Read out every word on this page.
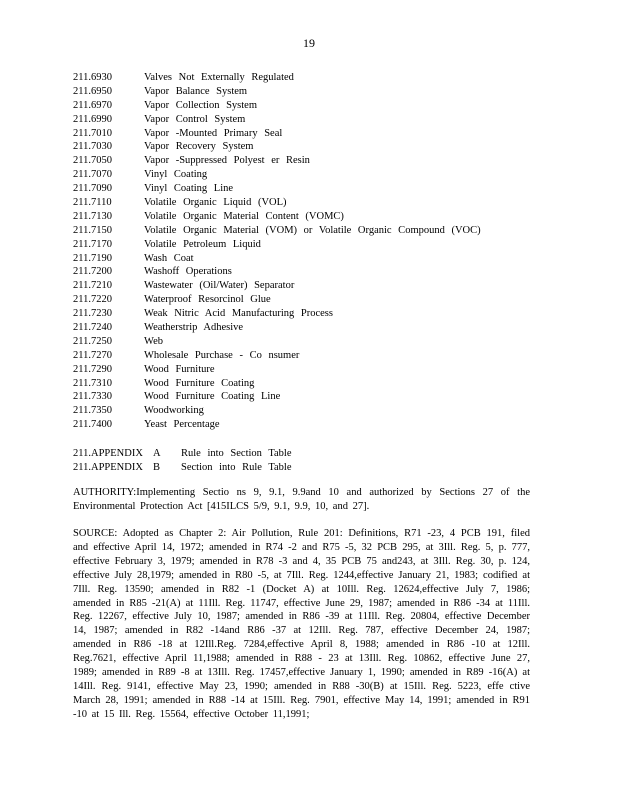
19
211.6930	Valves Not Externally Regulated
211.6950	Vapor Balance System
211.6970	Vapor Collection System
211.6990	Vapor Control System
211.7010	Vapor -Mounted Primary Seal
211.7030	Vapor Recovery System
211.7050	Vapor -Suppressed Polyest er Resin
211.7070	Vinyl Coating
211.7090	Vinyl Coating Line
211.7110	Volatile Organic Liquid (VOL)
211.7130	Volatile Organic Material Content (VOMC)
211.7150	Volatile Organic Material (VOM) or Volatile Organic Compound (VOC)
211.7170	Volatile Petroleum Liquid
211.7190	Wash Coat
211.7200	Washoff Operations
211.7210	Wastewater (Oil/Water) Separator
211.7220	Waterproof Resorcinol Glue
211.7230	Weak Nitric Acid Manufacturing Process
211.7240	Weatherstrip Adhesive
211.7250	Web
211.7270	Wholesale Purchase - Co nsumer
211.7290	Wood Furniture
211.7310	Wood Furniture Coating
211.7330	Wood Furniture Coating Line
211.7350	Woodworking
211.7400	Yeast Percentage
211.APPENDIX A	Rule into Section Table
211.APPENDIX B	Section into Rule Table
AUTHORITY:Implementing Sectio ns 9, 9.1, 9.9and 10 and authorized by Sections 27 of the Environmental Protection Act [415ILCS 5/9, 9.1, 9.9, 10, and 27].
SOURCE: Adopted as Chapter 2: Air Pollution, Rule 201: Definitions, R71 -23, 4 PCB 191, filed and effective April 14, 1972; amended in R74 -2 and R75 -5, 32 PCB 295, at 3Ill. Reg. 5, p. 777, effective February 3, 1979; amended in R78 -3 and 4, 35 PCB 75 and243, at 3Ill. Reg. 30, p. 124, effective July 28,1979; amended in R80 -5, at 7Ill. Reg. 1244,effective January 21, 1983; codified at 7Ill. Reg. 13590; amended in R82 -1 (Docket A) at 10Ill. Reg. 12624,effective July 7, 1986; amended in R85 -21(A) at 11Ill. Reg. 11747, effective June 29, 1987; amended in R86 -34 at 11Ill. Reg. 12267, effective July 10, 1987; amended in R86 -39 at 11Ill. Reg. 20804, effective December 14, 1987; amended in R82 -14and R86 -37 at 12Ill. Reg. 787, effective December 24, 1987; amended in R86 -18 at 12Ill.Reg. 7284,effective April 8, 1988; amended in R86 -10 at 12Ill. Reg.7621, effective April 11,1988; amended in R88 - 23 at 13Ill. Reg. 10862, effective June 27, 1989; amended in R89 -8 at 13Ill. Reg. 17457,effective January 1, 1990; amended in R89 -16(A) at 14Ill. Reg. 9141, effective May 23, 1990; amended in R88 -30(B) at 15Ill. Reg. 5223, effe ctive March 28, 1991; amended in R88 -14 at 15Ill. Reg. 7901, effective May 14, 1991; amended in R91 -10 at 15 Ill. Reg. 15564, effective October 11,1991;
